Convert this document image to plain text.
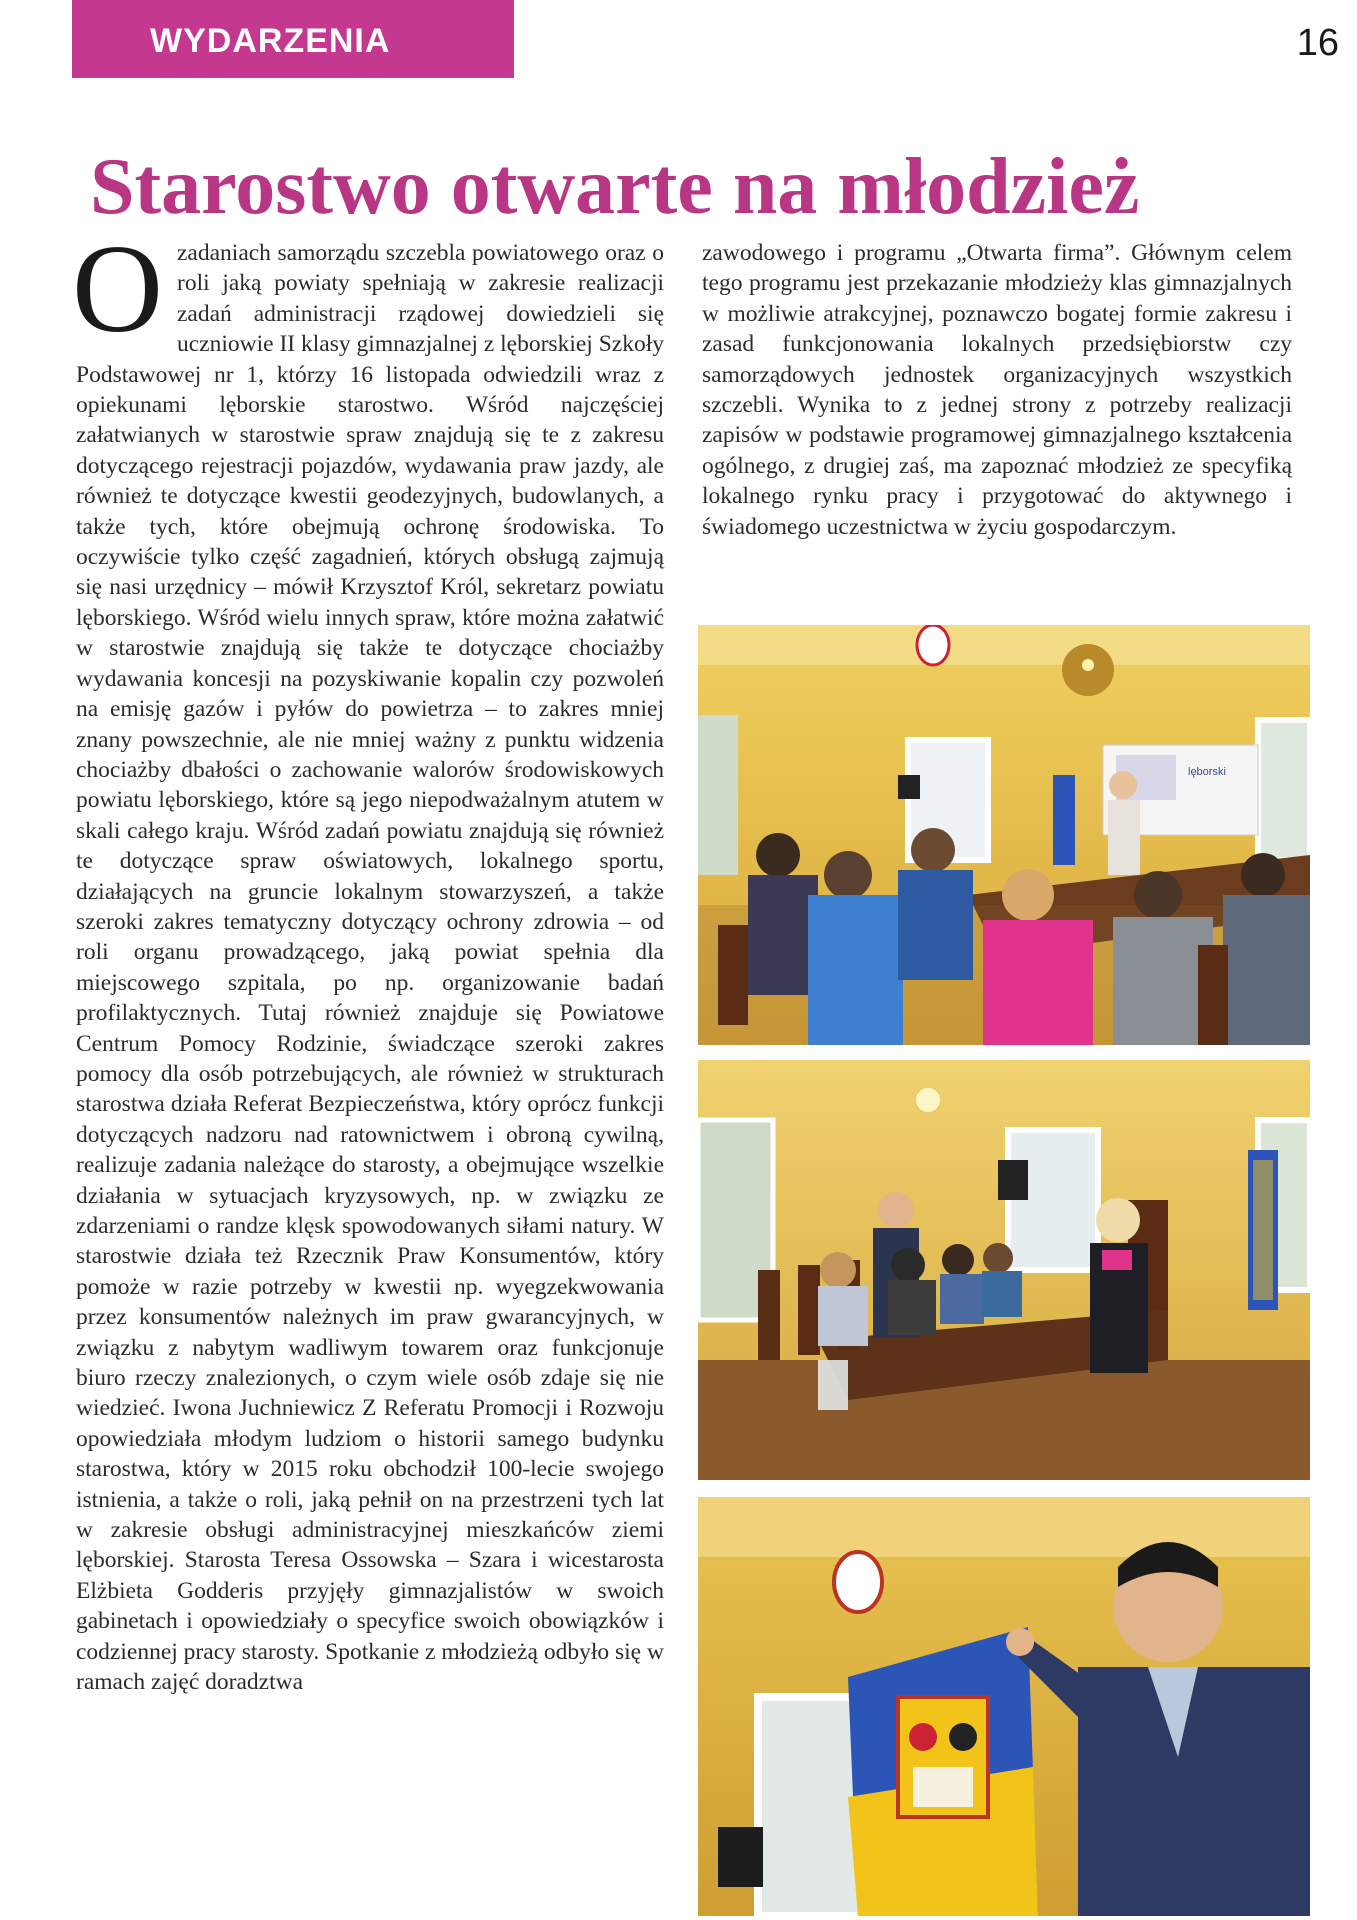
WYDARZENIA	16
Starostwo otwarte na młodzież
O zadaniach samorządu szczebla powiatowego oraz o roli jaką powiaty spełniają w zakresie realizacji zadań administracji rządowej dowiedzieli się uczniowie II klasy gimnazjalnej z lęborskiej Szkoły Podstawowej nr 1, którzy 16 listopada odwiedzili wraz z opiekunami lęborskie starostwo. Wśród najczęściej załatwianych w starostwie spraw znajdują się te z zakresu dotyczącego rejestracji pojazdów, wydawania praw jazdy, ale również te dotyczące kwestii geodezyjnych, budowlanych, a także tych, które obejmują ochronę środowiska. To oczywiście tylko część zagadnień, których obsługą zajmują się nasi urzędnicy – mówił Krzysztof Król, sekretarz powiatu lęborskiego. Wśród wielu innych spraw, które można załatwić w starostwie znajdują się także te dotyczące chociażby wydawania koncesji na pozyskiwanie kopalin czy pozwoleń na emisję gazów i pyłów do powietrza – to zakres mniej znany powszechnie, ale nie mniej ważny z punktu widzenia chociażby dbałości o zachowanie walorów środowiskowych powiatu lęborskiego, które są jego niepodważalnym atutem w skali całego kraju. Wśród zadań powiatu znajdują się również te dotyczące spraw oświatowych, lokalnego sportu, działających na gruncie lokalnym stowarzyszeń, a także szeroki zakres tematyczny dotyczący ochrony zdrowia – od roli organu prowadzącego, jaką powiat spełnia dla miejscowego szpitala, po np. organizowanie badań profilaktycznych. Tutaj również znajduje się Powiatowe Centrum Pomocy Rodzinie, świadczące szeroki zakres pomocy dla osób potrzebujących, ale również w strukturach starostwa działa Referat Bezpieczeństwa, który oprócz funkcji dotyczących nadzoru nad ratownictwem i obroną cywilną, realizuje zadania należące do starosty, a obejmujące wszelkie działania w sytuacjach kryzysowych, np. w związku ze zdarzeniami o randze klęsk spowodowanych siłami natury. W starostwie działa też Rzecznik Praw Konsumentów, który pomoże w razie potrzeby w kwestii np. wyegzekwowania przez konsumentów należnych im praw gwarancyjnych, w związku z nabytym wadliwym towarem oraz funkcjonuje biuro rzeczy znalezionych, o czym wiele osób zdaje się nie wiedzieć. Iwona Juchniewicz Z Referatu Promocji i Rozwoju opowiedziała młodym ludziom o historii samego budynku starostwa, który w 2015 roku obchodził 100-lecie swojego istnienia, a także o roli, jaką pełnił on na przestrzeni tych lat w zakresie obsługi administracyjnej mieszkańców ziemi lęborskiej. Starosta Teresa Ossowska – Szara i wicestarosta Elżbieta Godderis przyjęły gimnazjalistów w swoich gabinetach i opowiedziały o specyfice swoich obowiązków i codziennej pracy starosty. Spotkanie z młodzieżą odbyło się w ramach zajęć doradztwa

zawodowego i programu „Otwarta firma”. Głównym celem tego programu jest przekazanie młodzieży klas gimnazjalnych w możliwie atrakcyjnej, poznawczo bogatej formie zakresu i zasad funkcjonowania lokalnych przedsiębiorstw czy samorządowych jednostek organizacyjnych wszystkich szczebli. Wynika to z jednej strony z potrzeby realizacji zapisów w podstawie programowej gimnazjalnego kształcenia ogólnego, z drugiej zaś, ma zapoznać młodzież ze specyfiką lokalnego rynku pracy i przygotować do aktywnego i świadomego uczestnictwa w życiu gospodarczym.

lęborski
